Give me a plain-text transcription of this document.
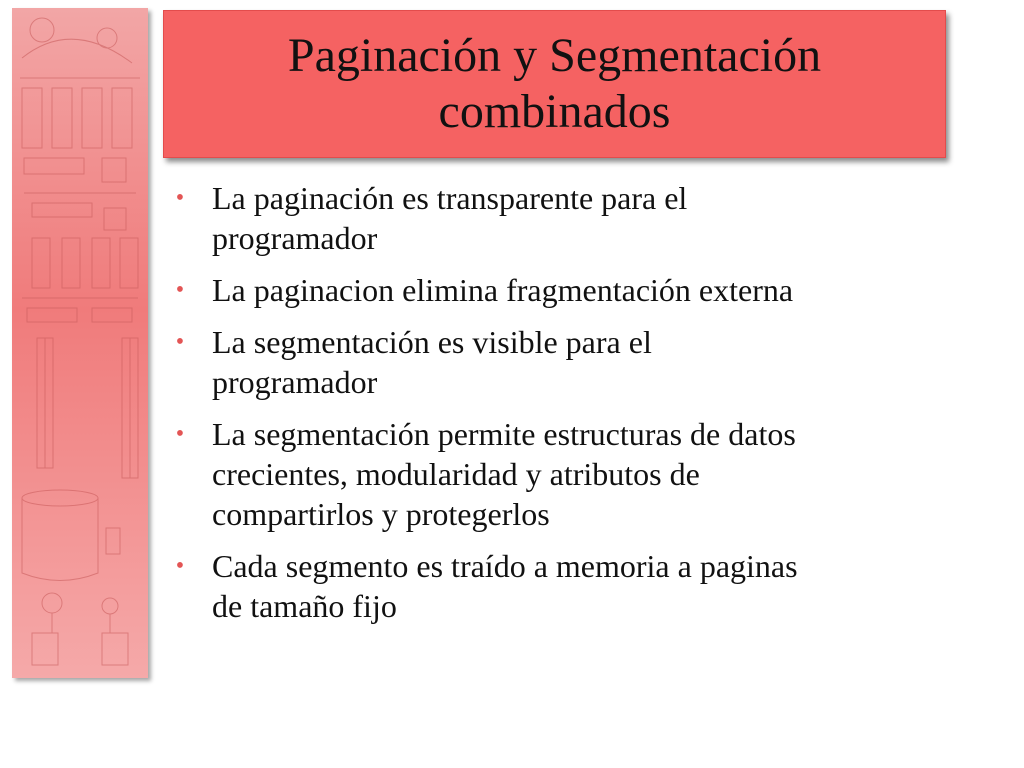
Paginación y Segmentación
combinados
• La paginación es transparente para el
programador
• La paginacion elimina fragmentación externa
• La segmentación es visible para el
programador
• La segmentación permite estructuras de datos
crecientes, modularidad y atributos de
compartirlos y protegerlos
• Cada segmento es traído a memoria a paginas
de tamaño fijo
